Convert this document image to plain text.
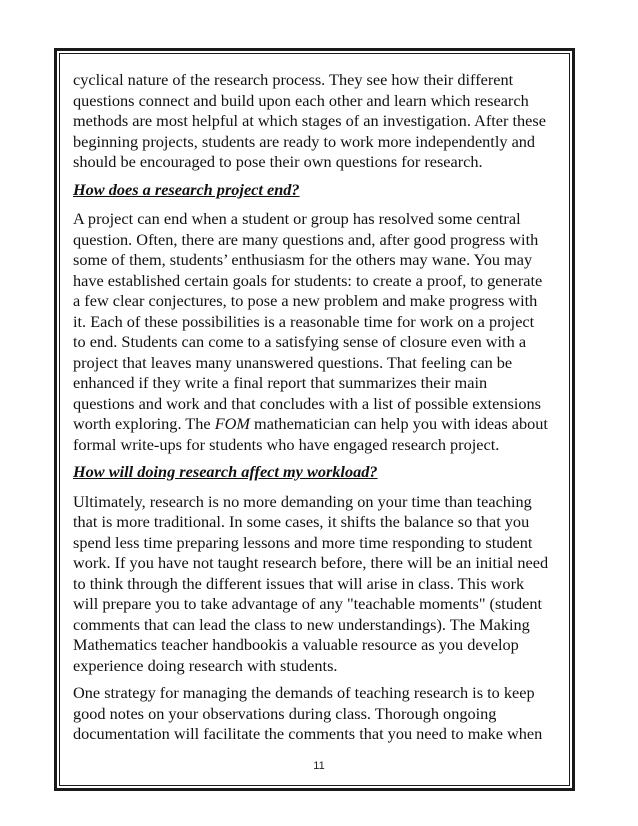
cyclical nature of the research process. They see how their different
questions connect and build upon each other and learn which research
methods are most helpful at which stages of an investigation. After these
beginning projects, students are ready to work more independently and
should be encouraged to pose their own questions for research.

How does a research project end?

A project can end when a student or group has resolved some central
question. Often, there are many questions and, after good progress with
some of them, students’ enthusiasm for the others may wane. You may
have established certain goals for students: to create a proof, to generate
a few clear conjectures, to pose a new problem and make progress with
it. Each of these possibilities is a reasonable time for work on a project
to end. Students can come to a satisfying sense of closure even with a
project that leaves many unanswered questions. That feeling can be
enhanced if they write a final report that summarizes their main
questions and work and that concludes with a list of possible extensions
worth exploring. The FOM mathematician can help you with ideas about
formal write-ups for students who have engaged research project.

How will doing research affect my workload?

Ultimately, research is no more demanding on your time than teaching
that is more traditional. In some cases, it shifts the balance so that you
spend less time preparing lessons and more time responding to student
work. If you have not taught research before, there will be an initial need
to think through the different issues that will arise in class. This work
will prepare you to take advantage of any "teachable moments" (student
comments that can lead the class to new understandings). The Making
Mathematics teacher handbookis a valuable resource as you develop
experience doing research with students.

One strategy for managing the demands of teaching research is to keep
good notes on your observations during class. Thorough ongoing
documentation will facilitate the comments that you need to make when

11
